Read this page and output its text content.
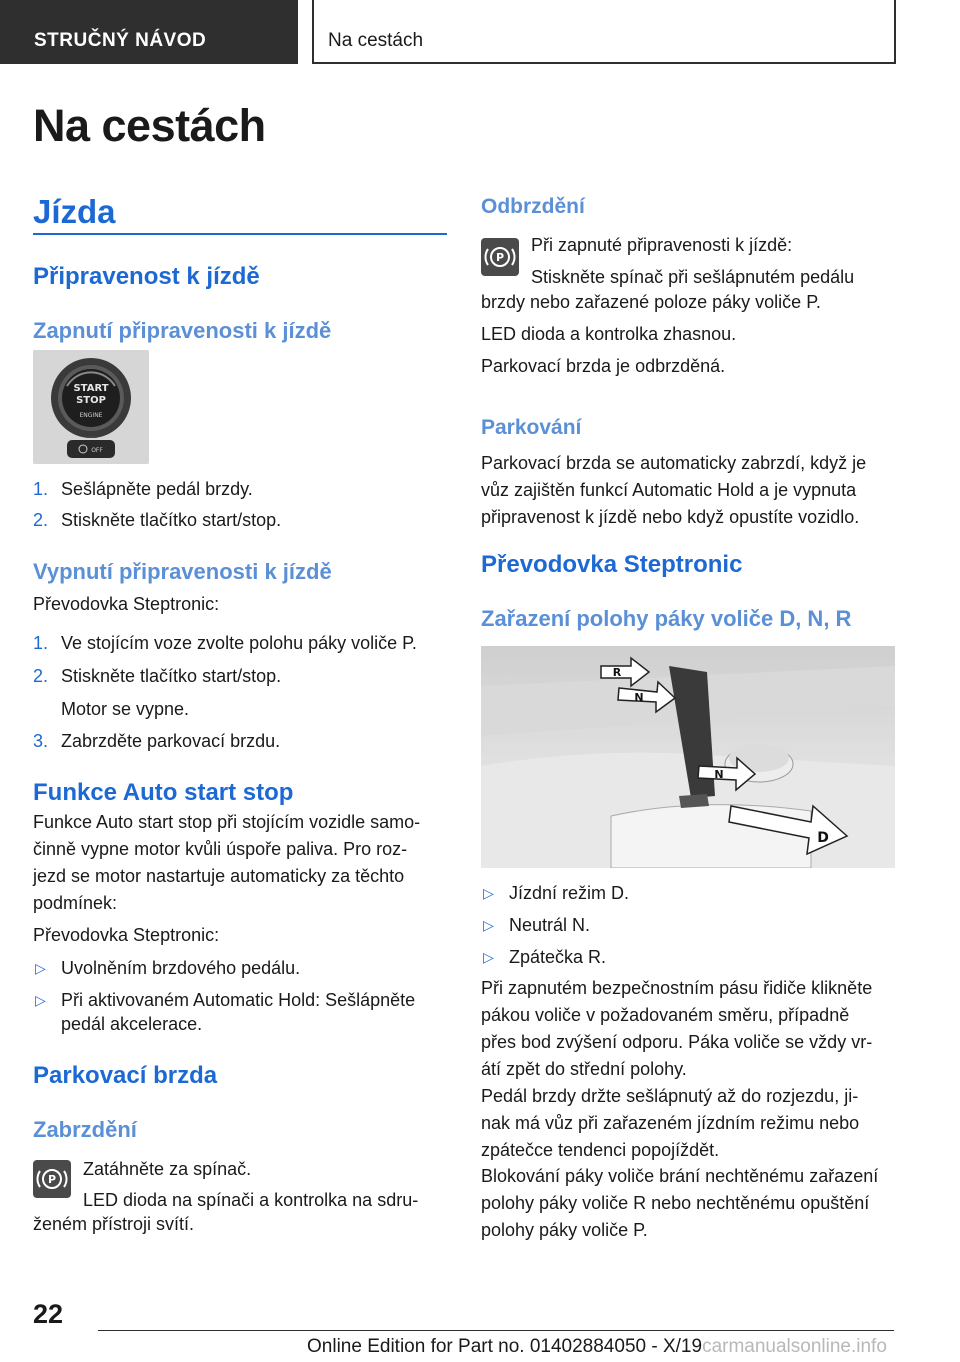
STRUČNÝ NÁVOD	Na cestách
Na cestách
Jízda
Připravenost k jízdě
Zapnutí připravenosti k jízdě
START
STOP
ENGINE
OFF
1. Sešlápněte pedál brzdy.
2. Stiskněte tlačítko start/stop.
Vypnutí připravenosti k jízdě
Převodovka Steptronic:
1. Ve stojícím voze zvolte polohu páky voliče P.
2. Stiskněte tlačítko start/stop.
Motor se vypne.
3. Zabrzděte parkovací brzdu.
Funkce Auto start stop
Funkce Auto start stop při stojícím vozidle samo-
činně vypne motor kvůli úspoře paliva. Pro roz-
jezd se motor nastartuje automaticky za těchto
podmínek:
Převodovka Steptronic:
▷ Uvolněním brzdového pedálu.
▷ Při aktivovaném Automatic Hold: Sešlápněte
pedál akcelerace.
Parkovací brzda
Zabrzdění
P
Zatáhněte za spínač.
LED dioda na spínači a kontrolka na sdru-
ženém přístroji svítí.
Odbrzdění
P
Při zapnuté připravenosti k jízdě:
Stiskněte spínač při sešlápnutém pedálu
brzdy nebo zařazené poloze páky voliče P.
LED dioda a kontrolka zhasnou.
Parkovací brzda je odbrzděná.
Parkování
Parkovací brzda se automaticky zabrzdí, když je
vůz zajištěn funkcí Automatic Hold a je vypnuta
připravenost k jízdě nebo když opustíte vozidlo.
Převodovka Steptronic
Zařazení polohy páky voliče D, N, R
R
N
N
D
▷ Jízdní režim D.
▷ Neutrál N.
▷ Zpátečka R.
Při zapnutém bezpečnostním pásu řidiče klikněte
pákou voliče v požadovaném směru, případně
přes bod zvýšení odporu. Páka voliče se vždy vr-
átí zpět do střední polohy.
Pedál brzdy držte sešlápnutý až do rozjezdu, ji-
nak má vůz při zařazeném jízdním režimu nebo
zpátečce tendenci popojíždět.
Blokování páky voliče brání nechtěnému zařazení
polohy páky voliče R nebo nechtěnému opuštění
polohy páky voliče P.
22
Online Edition for Part no. 01402884050 - X/19carmanualsonline.info
